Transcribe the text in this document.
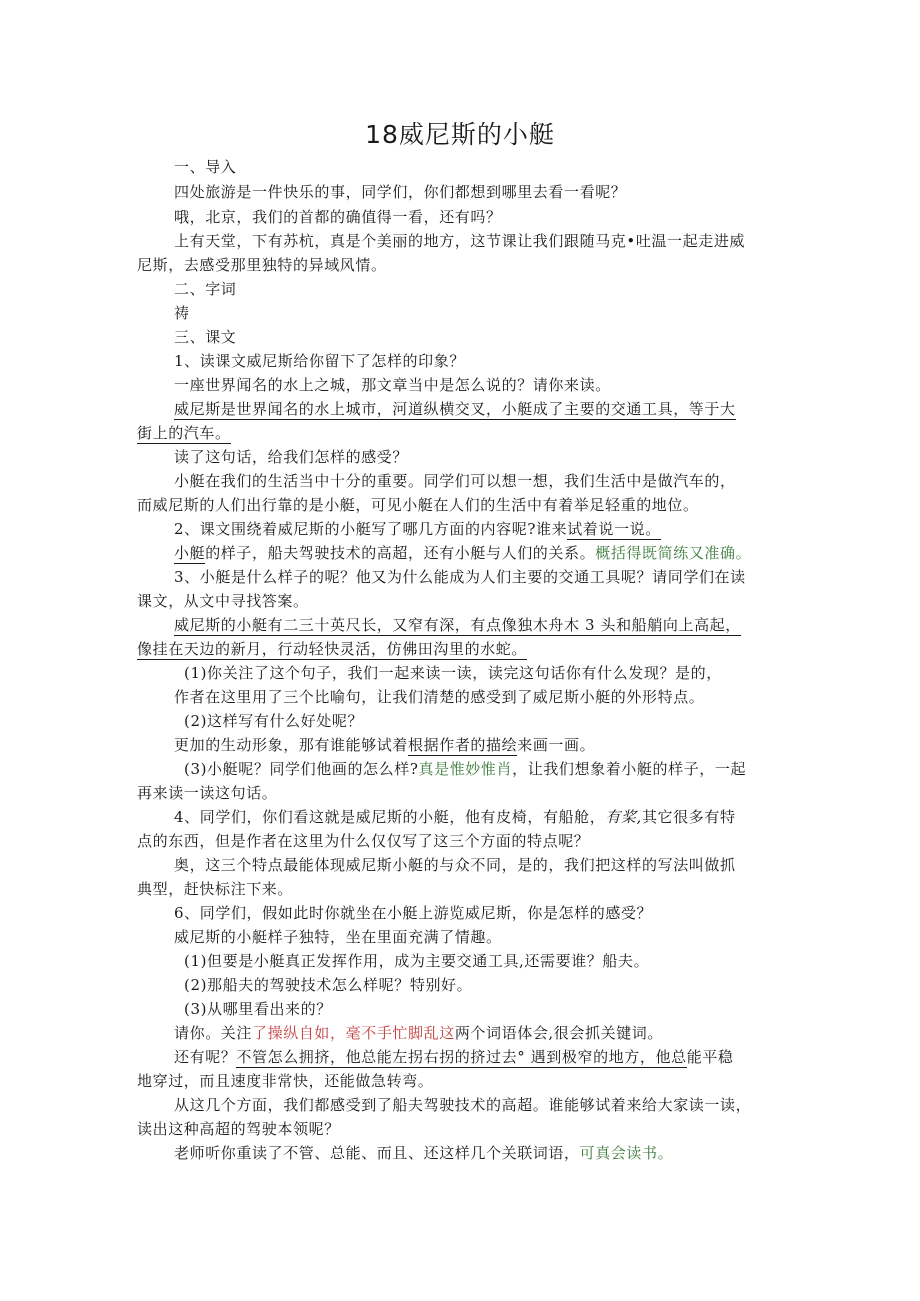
18威尼斯的小艇
一、导入
四处旅游是一件快乐的事，同学们，你们都想到哪里去看一看呢？
哦，北京，我们的首都的确值得一看，还有吗？
上有天堂，下有苏杭，真是个美丽的地方，这节课让我们跟随马克•吐温一起走进威
尼斯，去感受那里独特的异域风情。
二、字词
祷
三、课文
1、读课文威尼斯给你留下了怎样的印象？
一座世界闻名的水上之城，那文章当中是怎么说的？请你来读。
威尼斯是世界闻名的水上城市，河道纵横交叉，小艇成了主要的交通工具，等于大
街上的汽车。
读了这句话，给我们怎样的感受？
小艇在我们的生活当中十分的重要。同学们可以想一想，我们生活中是做汽车的，
而威尼斯的人们出行靠的是小艇，可见小艇在人们的生活中有着举足轻重的地位。
2、课文围绕着威尼斯的小艇写了哪几方面的内容呢?谁来试着说一说。
小艇的样子，船夫驾驶技术的高超，还有小艇与人们的关系。概括得既简练又准确。
3、小艇是什么样子的呢？他又为什么能成为人们主要的交通工具呢？请同学们在读
课文，从文中寻找答案。
威尼斯的小艇有二三十英尺长，又窄有深，有点像独木舟木 3 头和船艄向上高起，
像挂在天边的新月，行动轻快灵活，仿佛田沟里的水蛇。
(1)你关注了这个句子，我们一起来读一读，读完这句话你有什么发现？是的，
作者在这里用了三个比喻句，让我们清楚的感受到了威尼斯小艇的外形特点。
(2)这样写有什么好处呢？
更加的生动形象，那有谁能够试着根据作者的描绘来画一画。
(3)小艇呢？同学们他画的怎么样?真是惟妙惟肖，让我们想象着小艇的样子，一起
再来读一读这句话。
4、同学们，你们看这就是威尼斯的小艇，他有皮椅，有船舱，有桨,其它很多有特
点的东西，但是作者在这里为什么仅仅写了这三个方面的特点呢？
奥，这三个特点最能体现威尼斯小艇的与众不同，是的，我们把这样的写法叫做抓
典型，赶快标注下来。
6、同学们，假如此时你就坐在小艇上游览威尼斯，你是怎样的感受？
威尼斯的小艇样子独特，坐在里面充满了情趣。
(1)但要是小艇真正发挥作用，成为主要交通工具,还需要谁？船夫。
(2)那船夫的驾驶技术怎么样呢？特别好。
(3)从哪里看出来的？
请你。关注了操纵自如，毫不手忙脚乱这两个词语体会,很会抓关键词。
还有呢？不管怎么拥挤，他总能左拐右拐的挤过去° 遇到极窄的地方，他总能平稳
地穿过，而且速度非常快，还能做急转弯。
从这几个方面，我们都感受到了船夫驾驶技术的高超。谁能够试着来给大家读一读，
读出这种高超的驾驶本领呢？
老师听你重读了不管、总能、而且、还这样几个关联词语，可真会读书。
